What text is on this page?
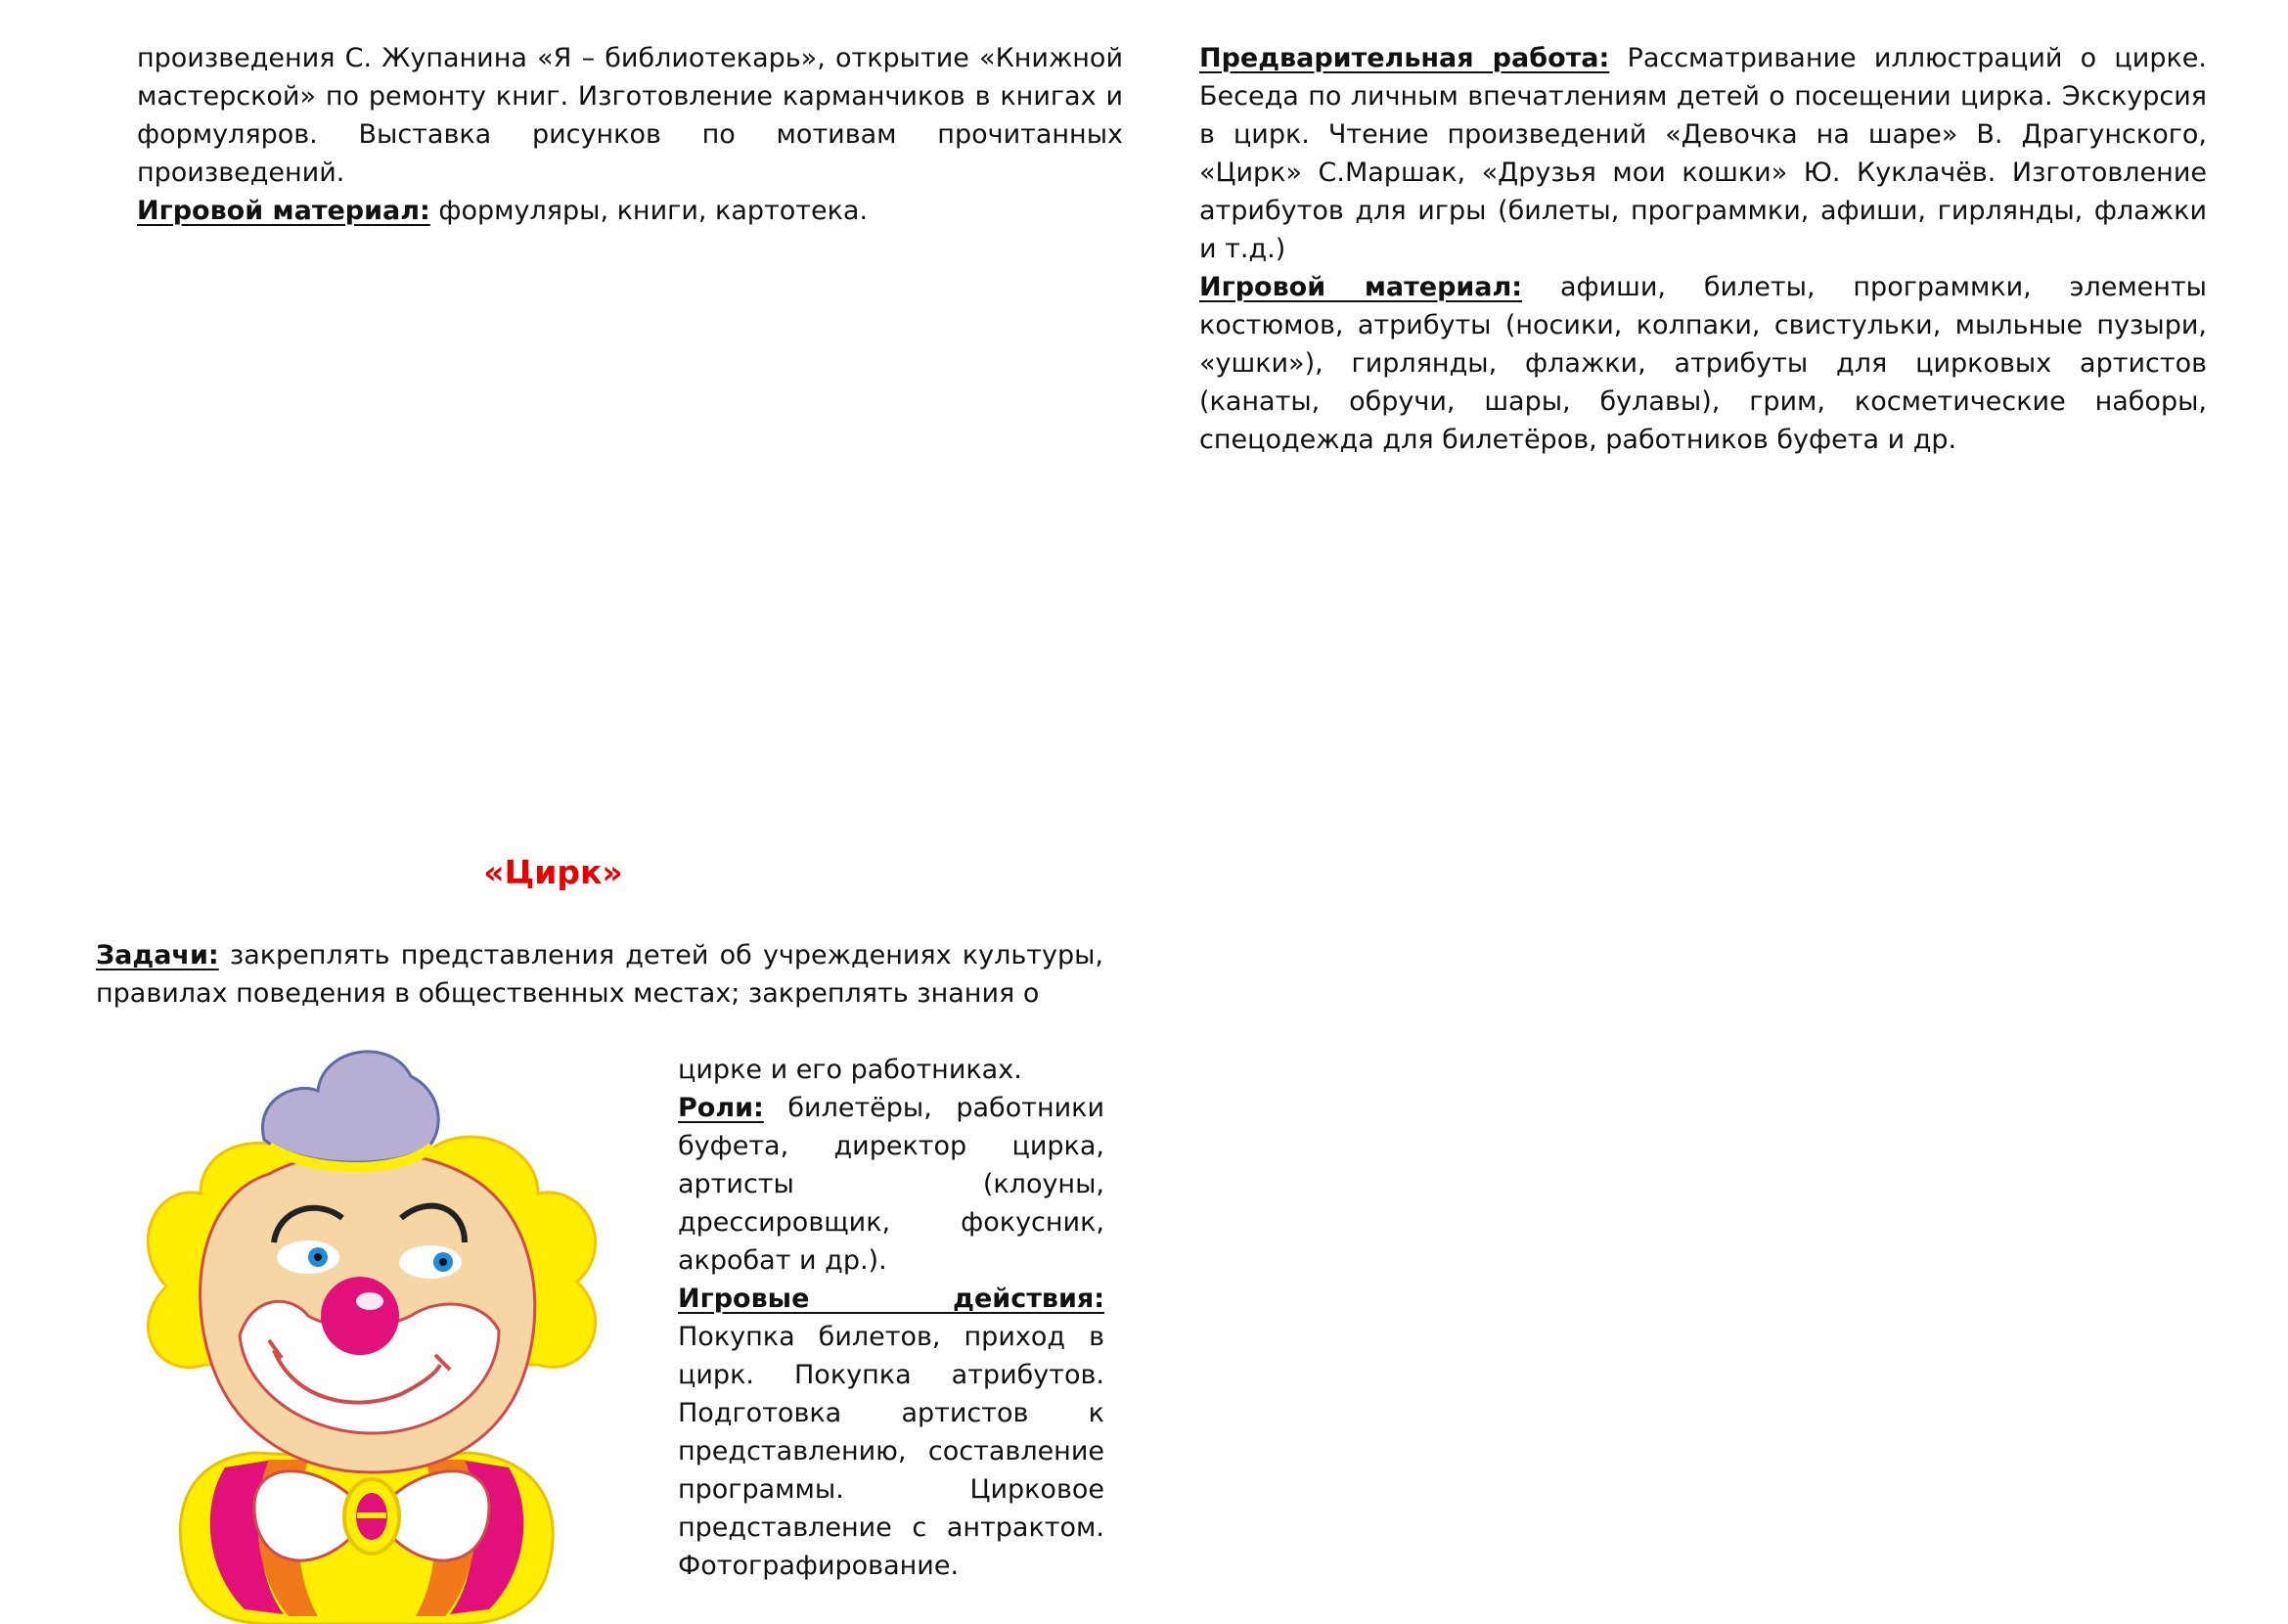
произведения С. Жупанина «Я – библиотекарь», открытие «Книжной мастерской» по ремонту книг. Изготовление карманчиков в книгах и формуляров. Выставка рисунков по мотивам прочитанных произведений.

Игровой материал: формуляры, книги, картотека.

Предварительная работа: Рассматривание иллюстраций о цирке. Беседа по личным впечатлениям детей о посещении цирка. Экскурсия в цирк. Чтение произведений «Девочка на шаре» В. Драгунского, «Цирк» С.Маршак, «Друзья мои кошки» Ю. Куклачёв. Изготовление атрибутов для игры (билеты, программки, афиши, гирлянды, флажки и т.д.)

Игровой материал: афиши, билеты, программки, элементы костюмов, атрибуты (носики, колпаки, свистульки, мыльные пузыри, «ушки»), гирлянды, флажки, атрибуты для цирковых артистов (канаты, обручи, шары, булавы), грим, косметические наборы, спецодежда для билетёров, работников буфета и др.

«Цирк»

Задачи: закреплять представления детей об учреждениях культуры, правилах поведения в общественных местах; закреплять знания о

цирке и его работниках.

Роли: билетёры, работники буфета, директор цирка, артисты (клоуны, дрессировщик, фокусник, акробат и др.).

Игровые действия:

Покупка билетов, приход в цирк. Покупка атрибутов. Подготовка артистов к представлению, составление программы. Цирковое представление с антрактом. Фотографирование.
